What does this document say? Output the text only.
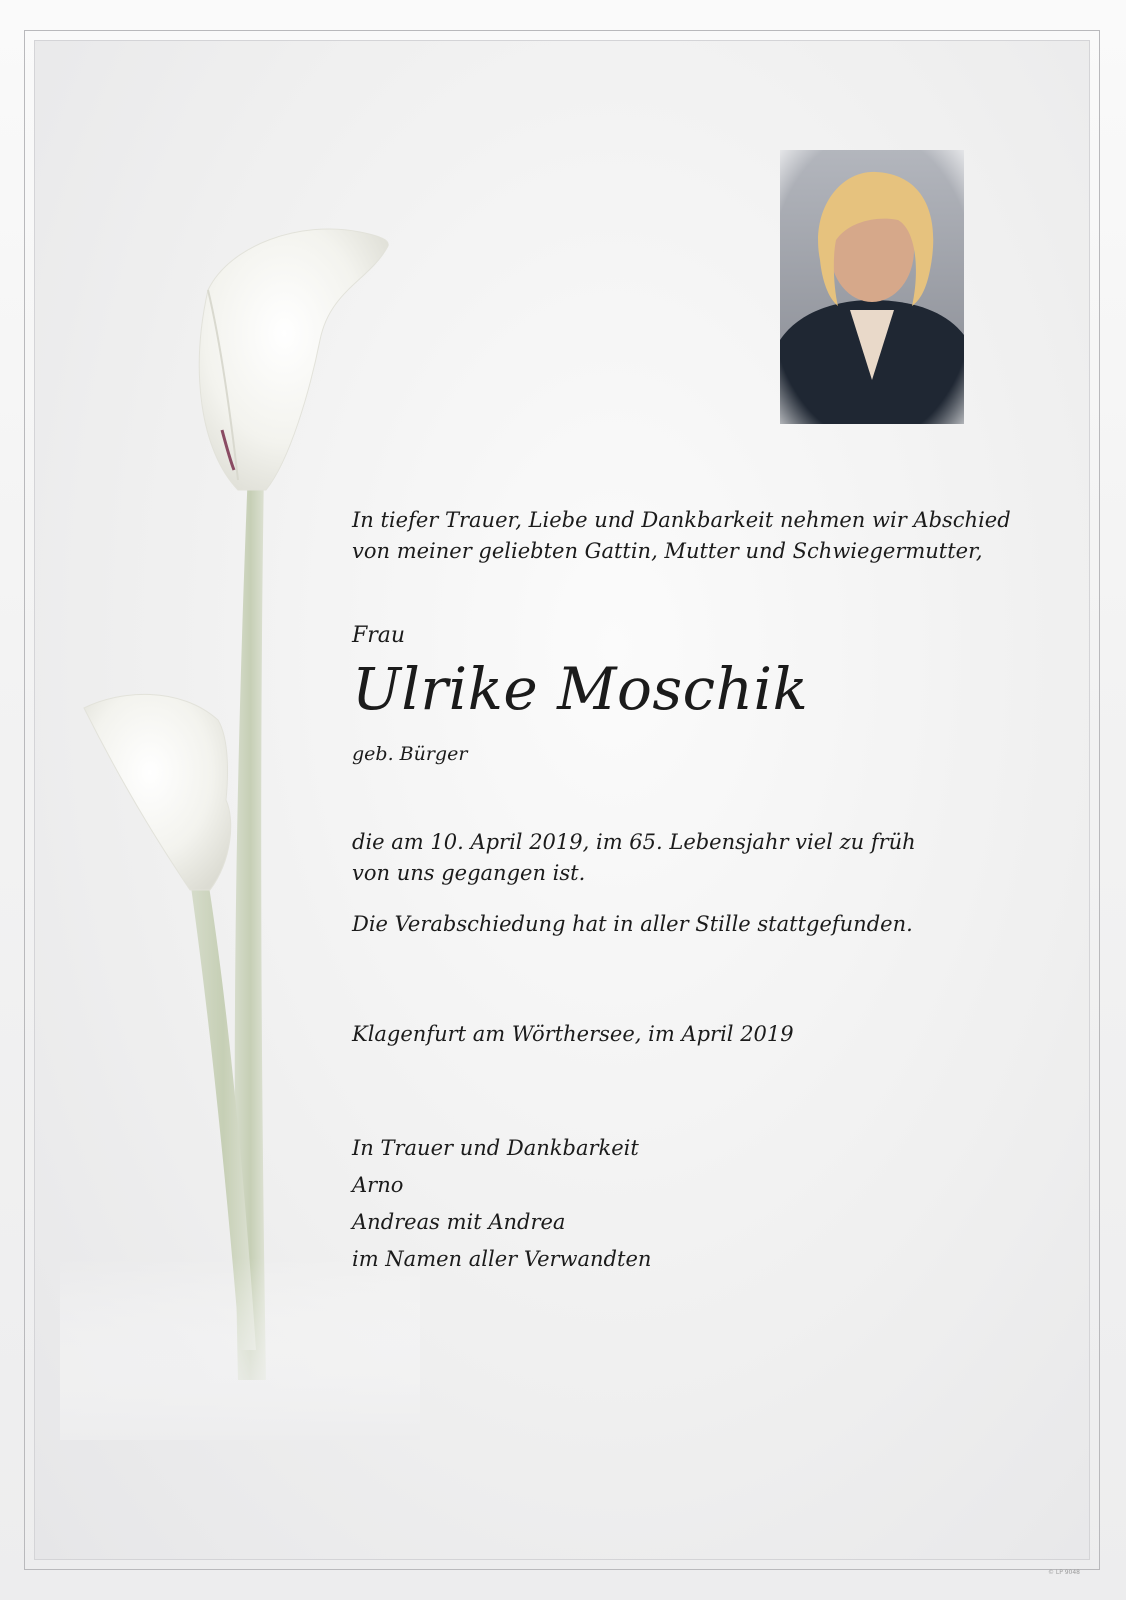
In tiefer Trauer, Liebe und Dankbarkeit nehmen wir Abschied
von meiner geliebten Gattin, Mutter und Schwiegermutter,

Frau

Ulrike Moschik

geb. Bürger

die am 10. April 2019, im 65. Lebensjahr viel zu früh
von uns gegangen ist.

Die Verabschiedung hat in aller Stille stattgefunden.

Klagenfurt am Wörthersee, im April 2019

In Trauer und Dankbarkeit
Arno
Andreas mit Andrea
im Namen aller Verwandten

© LP 9048
